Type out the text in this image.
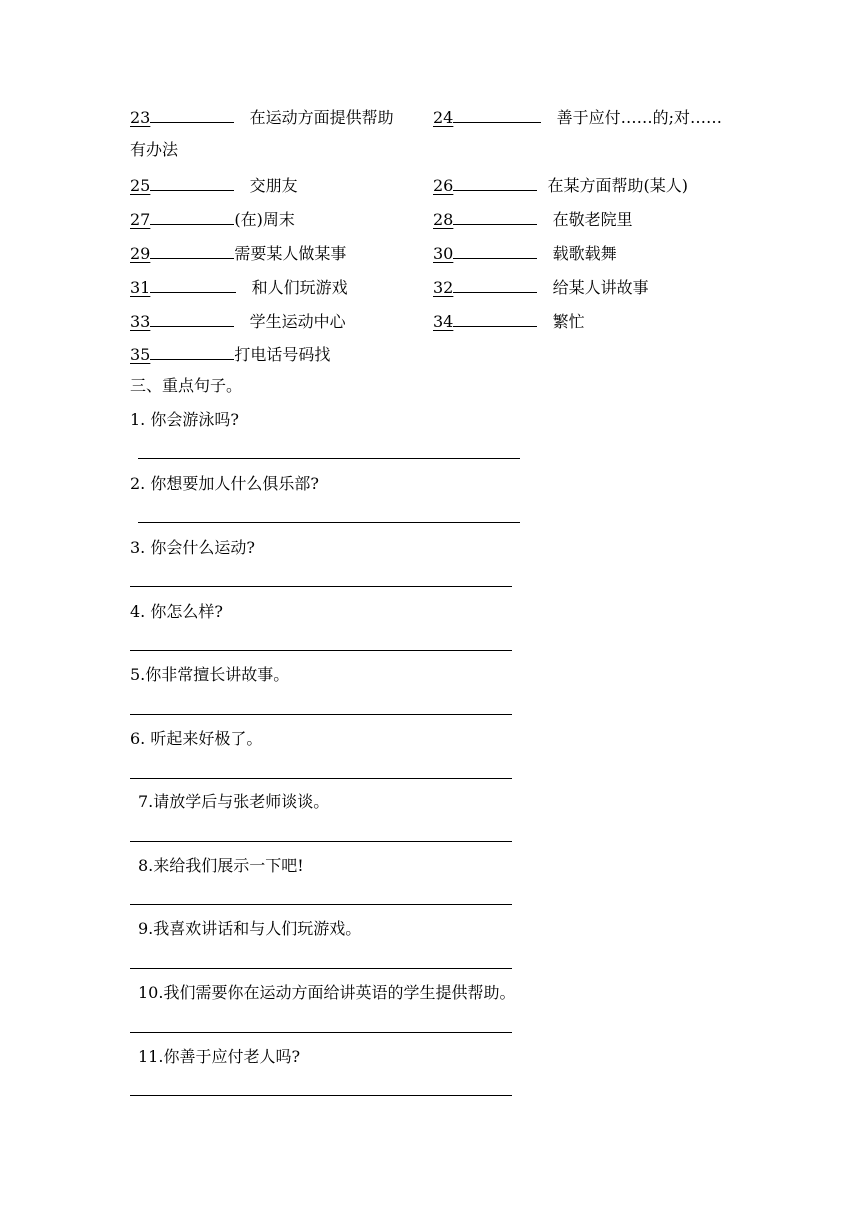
23	在运动方面提供帮助 24	善于应付……的;对……
有办法
25	交朋友	26	在某方面帮助(某人)
27	(在)周末	28	在敬老院里
29	需要某人做某事	30	载歌载舞
31	和人们玩游戏	32	给某人讲故事
33	学生运动中心	34	繁忙
35	打电话号码找
三、重点句子。
1. 你会游泳吗?
2. 你想要加人什么俱乐部?
3. 你会什么运动?
4. 你怎么样?
5.你非常擅长讲故事。
6. 听起来好极了。
7.请放学后与张老师谈谈。
8.来给我们展示一下吧!
9.我喜欢讲话和与人们玩游戏。
10.我们需要你在运动方面给讲英语的学生提供帮助。
11.你善于应付老人吗?
